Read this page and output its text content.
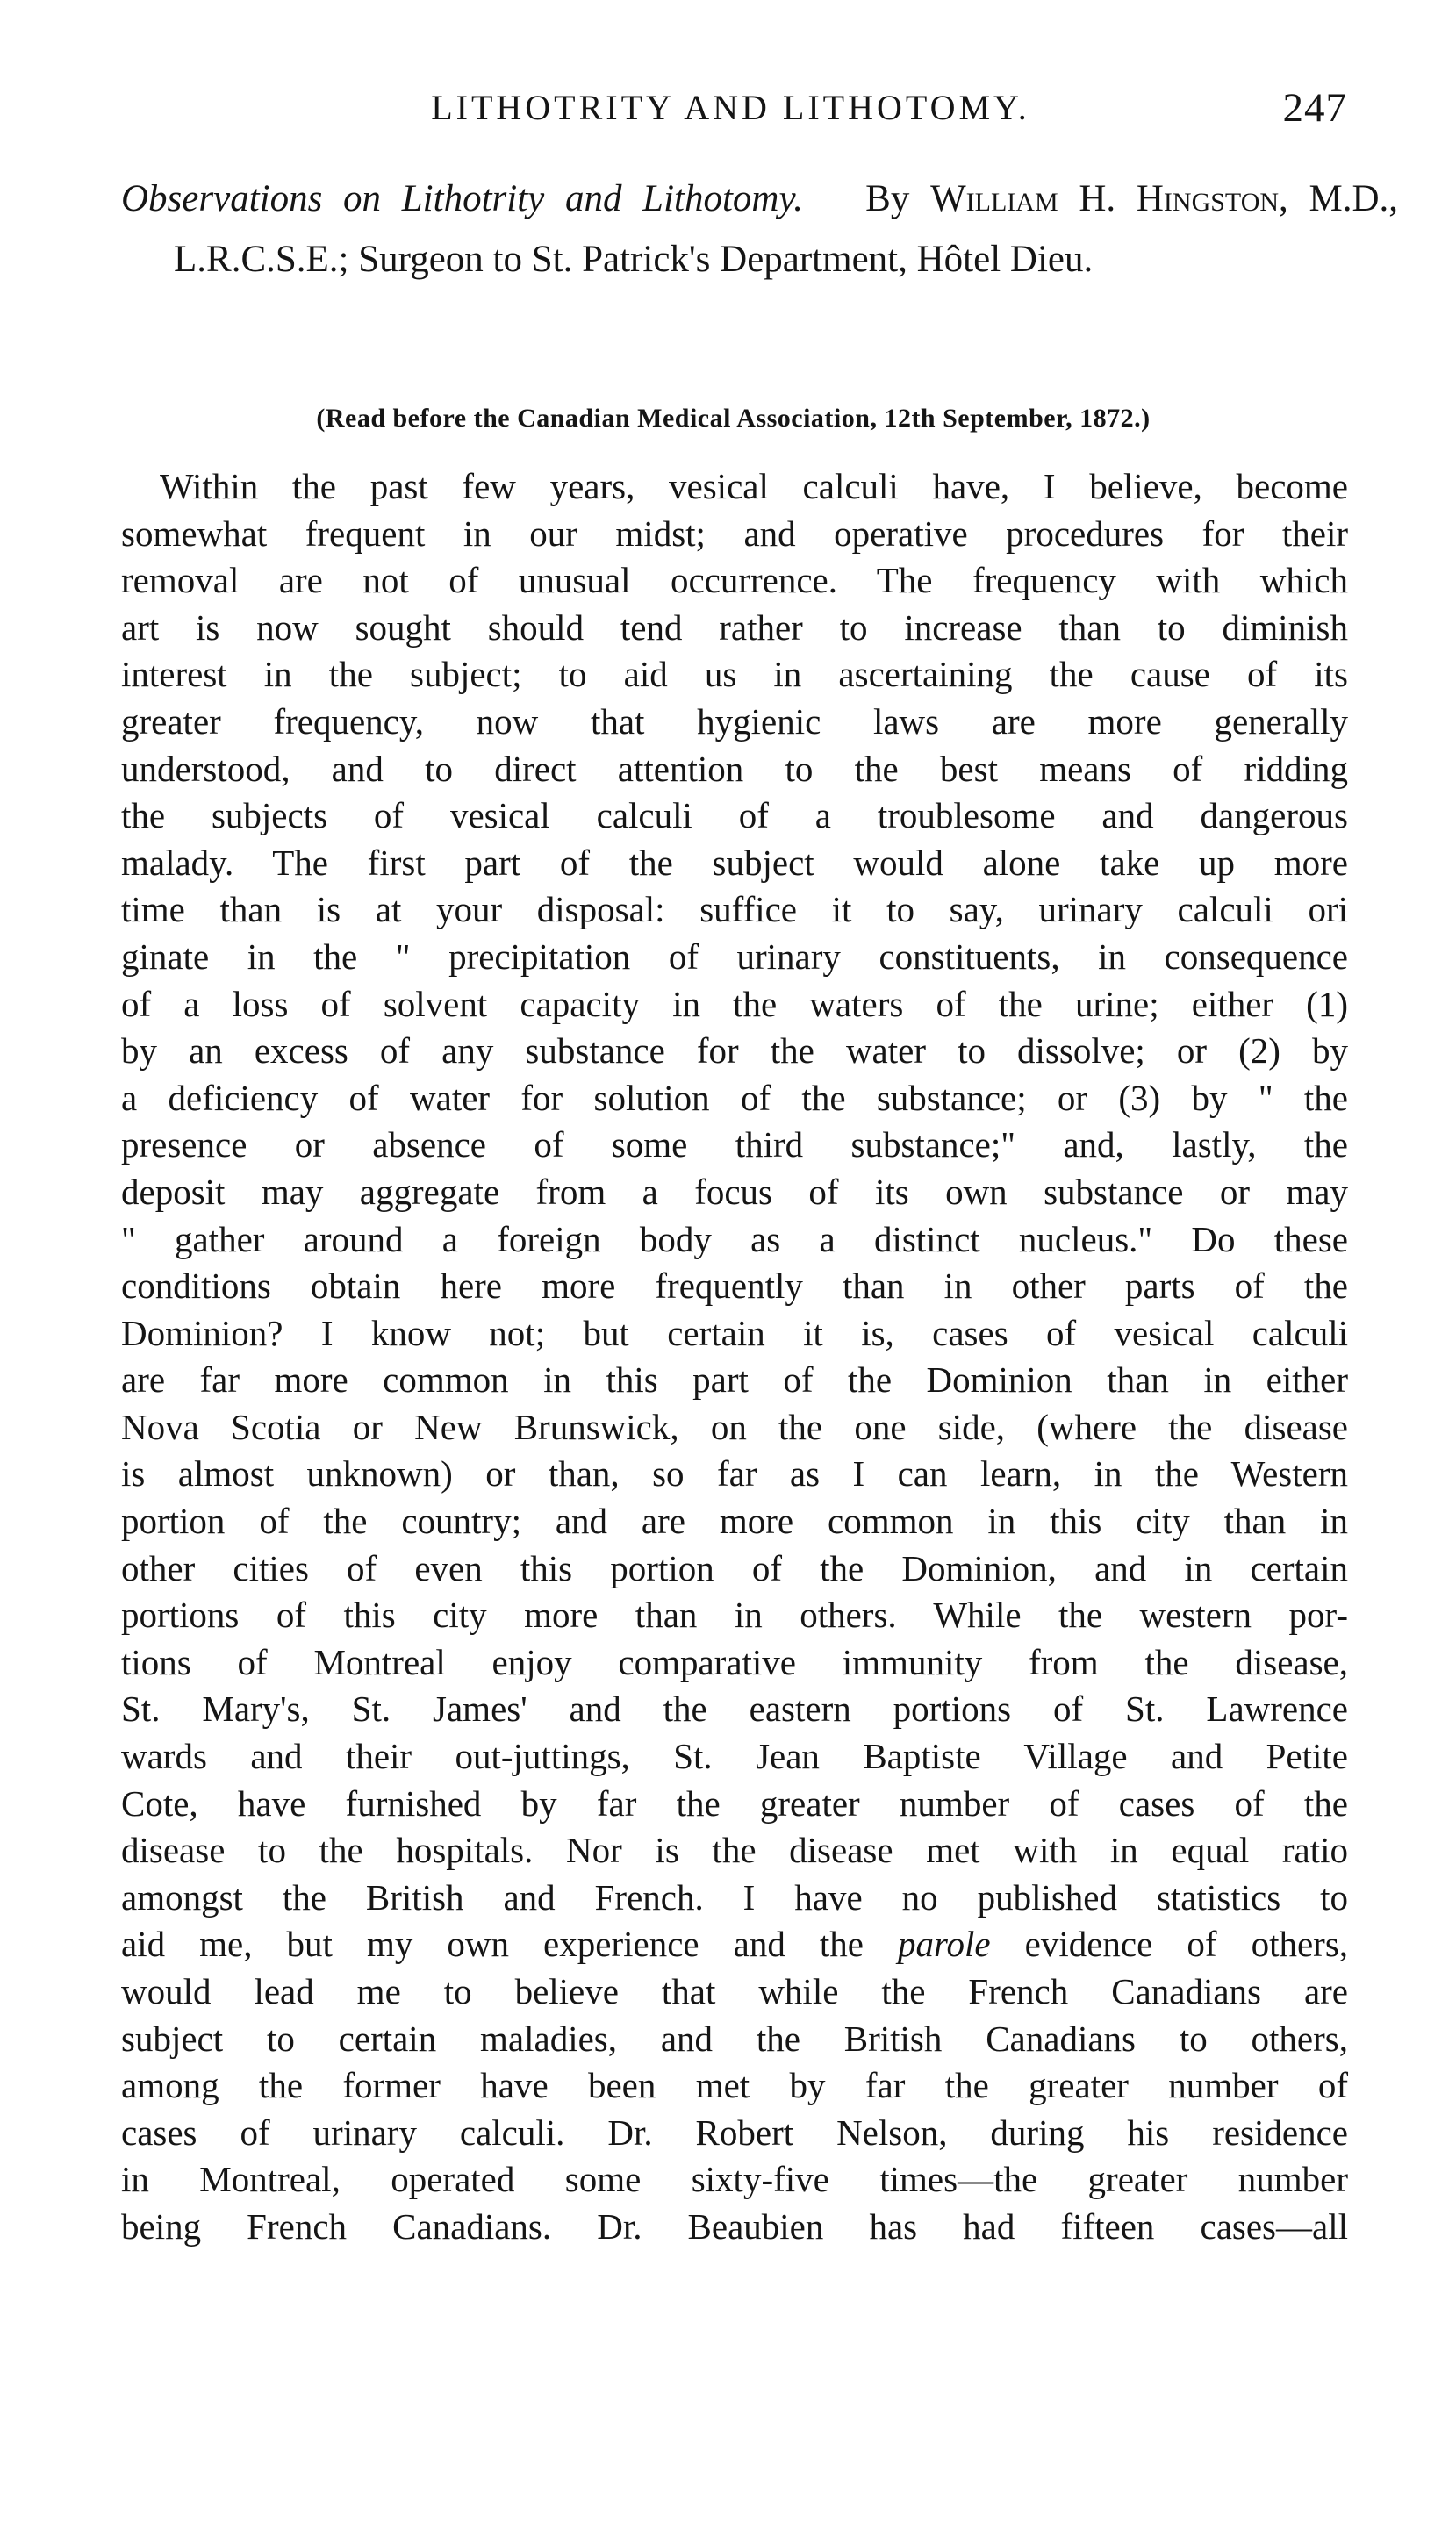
LITHOTRITY AND LITHOTOMY.	247
Observations on Lithotrity and Lithotomy. By William H. Hingston, M.D., L.R.C.S.E.; Surgeon to St. Patrick's Department, Hôtel Dieu.
(Read before the Canadian Medical Association, 12th September, 1872.)
Within the past few years, vesical calculi have, I believe, become
somewhat frequent in our midst; and operative procedures for their
removal are not of unusual occurrence. The frequency with which
art is now sought should tend rather to increase than to diminish
interest in the subject; to aid us in ascertaining the cause of its
greater frequency, now that hygienic laws are more generally
understood, and to direct attention to the best means of ridding
the subjects of vesical calculi of a troublesome and dangerous
malady. The first part of the subject would alone take up more
time than is at your disposal: suffice it to say, urinary calculi ori
ginate in the " precipitation of urinary constituents, in consequence
of a loss of solvent capacity in the waters of the urine; either (1)
by an excess of any substance for the water to dissolve; or (2) by
a deficiency of water for solution of the substance; or (3) by " the
presence or absence of some third substance;" and, lastly, the
deposit may aggregate from a focus of its own substance or may
" gather around a foreign body as a distinct nucleus." Do these
conditions obtain here more frequently than in other parts of the
Dominion? I know not; but certain it is, cases of vesical calculi
are far more common in this part of the Dominion than in either
Nova Scotia or New Brunswick, on the one side, (where the disease
is almost unknown) or than, so far as I can learn, in the Western
portion of the country; and are more common in this city than in
other cities of even this portion of the Dominion, and in certain
portions of this city more than in others. While the western por-
tions of Montreal enjoy comparative immunity from the disease,
St. Mary's, St. James' and the eastern portions of St. Lawrence
wards and their out-juttings, St. Jean Baptiste Village and Petite
Cote, have furnished by far the greater number of cases of the
disease to the hospitals. Nor is the disease met with in equal ratio
amongst the British and French. I have no published statistics to
aid me, but my own experience and the parole evidence of others,
would lead me to believe that while the French Canadians are
subject to certain maladies, and the British Canadians to others,
among the former have been met by far the greater number of
cases of urinary calculi. Dr. Robert Nelson, during his residence
in Montreal, operated some sixty-five times—the greater number
being French Canadians. Dr. Beaubien has had fifteen cases—all
